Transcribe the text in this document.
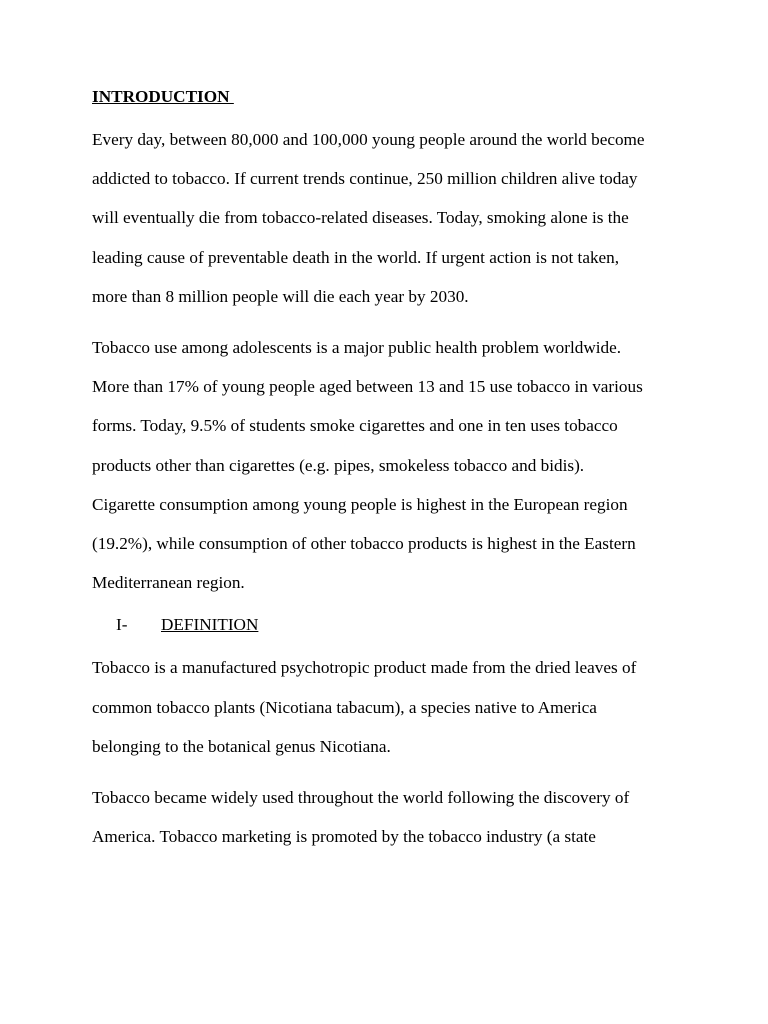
INTRODUCTION

Every day, between 80,000 and 100,000 young people around the world become
addicted to tobacco. If current trends continue, 250 million children alive today
will eventually die from tobacco-related diseases. Today, smoking alone is the
leading cause of preventable death in the world. If urgent action is not taken,
more than 8 million people will die each year by 2030.

Tobacco use among adolescents is a major public health problem worldwide.
More than 17% of young people aged between 13 and 15 use tobacco in various
forms. Today, 9.5% of students smoke cigarettes and one in ten uses tobacco
products other than cigarettes (e.g. pipes, smokeless tobacco and bidis).
Cigarette consumption among young people is highest in the European region
(19.2%), while consumption of other tobacco products is highest in the Eastern
Mediterranean region.

I- DEFINITION

Tobacco is a manufactured psychotropic product made from the dried leaves of
common tobacco plants (Nicotiana tabacum), a species native to America
belonging to the botanical genus Nicotiana.

Tobacco became widely used throughout the world following the discovery of
America. Tobacco marketing is promoted by the tobacco industry (a state
